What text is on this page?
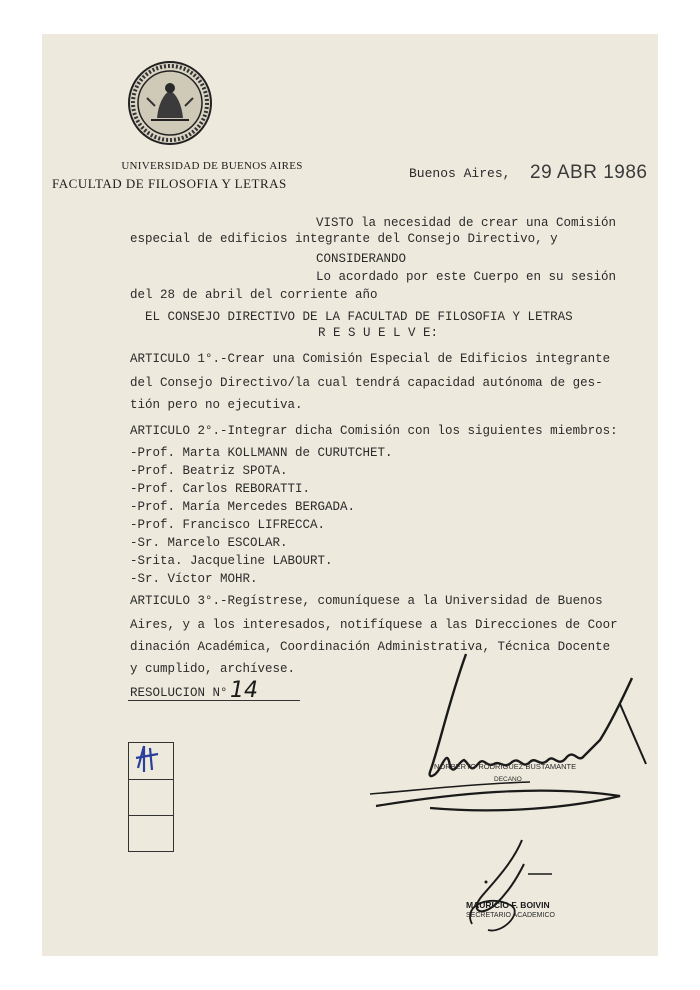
UNIVERSIDAD DE BUENOS AIRES
FACULTAD DE FILOSOFIA Y LETRAS
Buenos Aires, 29 ABR 1986
VISTO la necesidad de crear una Comisión
especial de edificios integrante del Consejo Directivo, y
CONSIDERANDO
Lo acordado por este Cuerpo en su sesión
del 28 de abril del corriente año
EL CONSEJO DIRECTIVO DE LA FACULTAD DE FILOSOFIA Y LETRAS
R E S U E L V E:
ARTICULO 1°.-Crear una Comisión Especial de Edificios integrante
del Consejo Directivo/la cual tendrá capacidad autónoma de ges-
tión pero no ejecutiva.
ARTICULO 2°.-Integrar dicha Comisión con los siguientes miembros:
-Prof. Marta KOLLMANN de CURUTCHET.
-Prof. Beatriz SPOTA.
-Prof. Carlos REBORATTI.
-Prof. María Mercedes BERGADA.
-Prof. Francisco LIFRECCA.
-Sr. Marcelo ESCOLAR.
-Srita. Jacqueline LABOURT.
-Sr. Víctor MOHR.
ARTICULO 3°.-Regístrese, comuníquese a la Universidad de Buenos
Aires, y a los interesados, notifíquese a las Direcciones de Coor
dinación Académica, Coordinación Administrativa, Técnica Docente
y cumplido, archívese.
RESOLUCION N° 14
NORBERTO RODRIGUEZ BUSTAMANTE
DECANO
MAURICIO F. BOIVIN
SECRETARIO ACADEMICO
